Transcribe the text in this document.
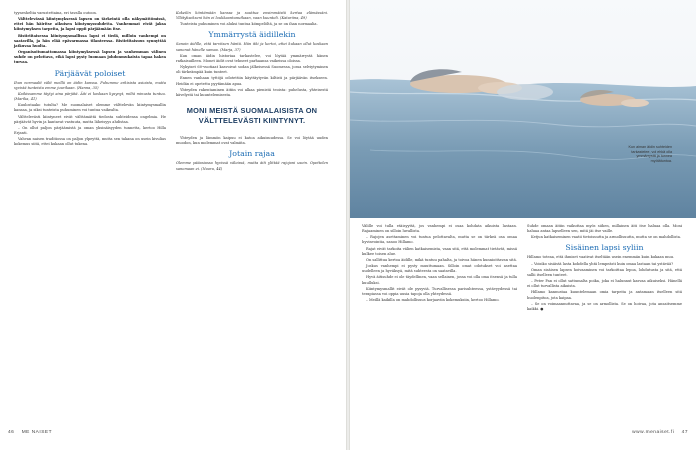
tyynesheltia varustettaina, eri tavalla outoon.

Välttelevässä kiintymyksessä lapsen on tärkeintä olla näkymättömissä, ettei hän häiritse aikuisen kiintymyssuhdetta. Vanhemmat eivät jaksa kiintymyksen tarpeita, ja lapsi oppii pärjäämään itse.

Ristiriitaisessa kiintymysmallissa lapsi ei tiedä, milloin vanhempi on saatavilla, ja hän elää epävarmassa tilanteessa. Ristiriitaisuus synnyttää jatkuvaa huolta.

Organisoitumattomassa kiintymyksessä lapsen ja vanhemman välinen suhde on pelottava, eikä lapsi pysty luomaan johdonmukaista tapaa hakea turvaa.

Pärjäävät poloiset

Ihan normaalit välit meillä on äidin kanssa. Puhumme arkisista asioista, mutta syvistä tunteista emme juurikaan. (Hanna, 35)

Kaikissamme täytyi aina pärjätä. Äiti ei koskaan kysynyt, miltä minusta tuntuu. (Marika, 41)

Kuulostaako tutulta? Me suomalaiset olemme välttelevän kiintymysmallin kansaa, ja siksi tunteista puhuminen voi tuntua vaikealta.

Välttelevästi kiintyneet eivät välttämättä tiedosta suhteidensa ongelmia. He pärjäävät hyvin ja kantavat vastuuta, mutta läheisyys ahdistaa.

– On ollut paljon pärjäämistä ja oman yksinäisyyden tunnetta, kertoo Hilla Erjanti.

Vahvan naisen traditiossa on paljon ylpeyttä, mutta sen takana on usein kivulias kokemus siitä, ettei kukaan ollut tukena.

Kokeilin kiintämään kanssa ja suuttua ensimmäistä kertaa elämässäni. Yllätyksekseni hän ei loukkaantunutkaan, vaan kuunteli. (Katariina, 49)

Tunteista puhuminen voi aluksi tuntua kömpelöltä, ja se on ihan normaalia.

Ymmärrystä äidillekin

Sanoin äidille, että tarvitsen häntä. Hän itki ja kertoi, ettei kukaan ollut koskaan sanonut hänelle samaa. (Marja, 37)

Kun oman äidin historiaa tarkastelee, voi löytää ymmärrystä hänen ratkaisuilleen. Monet äidit ovat tehneet parhaansa vaikeissa oloissa.

Nykyiset 60-vuotiaat kasvoivat sodan jälkeisessä Suomessa, jossa selviytyminen oli tärkeämpää kuin tunteet.

Ennen vanhaan tyttöjä odotettiin käyttäytyvän kiltisti ja pärjäävän itsekseen. Heidän ei opetettu pyytämään apua.

Yhteyden rakentaminen äitiin voi alkaa pienistä teoista: puhelusta, yhteisestä kävelystä tai kuuntelemisesta.

MONI MEISTÄ SUOMALAISISTA ON VÄLTTELEVÄSTI KIINTYNYT.

Yhteyden ja lämmön kaipuu ei katoa aikuisuudessa. Se voi löytää uuden muodon, kun molemmat ovat valmiita.

Jotain rajaa

Olemme pääasiassa hyvissä väleissä, mutta äiti ylittää rajojani usein. Opettelen sanomaan ei. (Noora, 44)

46 ME NAISET
Kun aiman äidin suhteiden tarkastelee, vol ehkä olla ymmärrystä ja tunnea myötätuntoa.

Välille voi tulla etäisyyttä, jos vanhempi ei osaa kohdata aikuista lastaan. Rajaaminen on silloin luvallista.

– Rajojen asettaminen voi tuntua pelottavalta, mutta se on tärkeä osa omaa hyvinvointia, sanoo Hillamo.

Rajat eivät tarkoita välien katkaisemista, vaan sitä, että molemmat tietävät, missä kulkee toisen alue.

On sallittua kertoa äidille, mikä tuntuu pahalta, ja toivoa hänen kunnioittavan sitä.

Joskus vanhempi ei pysty muuttumaan. Silloin omat odotukset voi asettaa uudelleen ja hyväksyä, mitä suhteesta on saatavilla.

Hyvä äitisuhde ei ole täydellinen, vaan sellainen, jossa voi olla oma itsensä ja tulla kuulluksi.

Kiintymysmallit eivät ole pysyviä. Turvallisessa parisuhteessa, ystävyydessä tai terapiassa voi oppia uusia tapoja olla yhteydessä.

– Meillä kaikilla on mahdollisuus korjaaviin kokemuksiin, kertoo Hillamo.

Suhde omaan äitiin vaikuttaa myös siihen, millainen äiti itse haluaa olla. Moni haluaa antaa lapselleen sen, mitä jäi itse vaille.

Ketjun katkaiseminen vaatii tietoisuutta ja armollisuutta, mutta se on mahdollista.

Sisäinen lapsi syliin

Hillamo toteaa, että ihmiset vaativat itseltään usein enemmän kuin kukaan muu.

– Voisiko sisäistä lasta kohdella yhtä lempeästi kuin omaa lastaan tai ystävää?

Oman sisäisen lapsen hoivaaminen voi tarkoittaa lepoa, lohdutusta ja sitä, että sallii itselleen tunteet.

– Peter Pan ei ollut sattumalta poika, joka ei halunnut kasvaa aikuiseksi. Hänellä ei ollut turvallista aikuista.

Hillamo kannustaa kuuntelemaan omia tarpeita ja antamaan itselleen sitä huolenpitoa, jota kaipaa.

– Se on voimaannuttavaa, ja se on armollista. Se on hoivaa, jota ansaitsemme kaikki. ●

www.menaiset.fi 47
